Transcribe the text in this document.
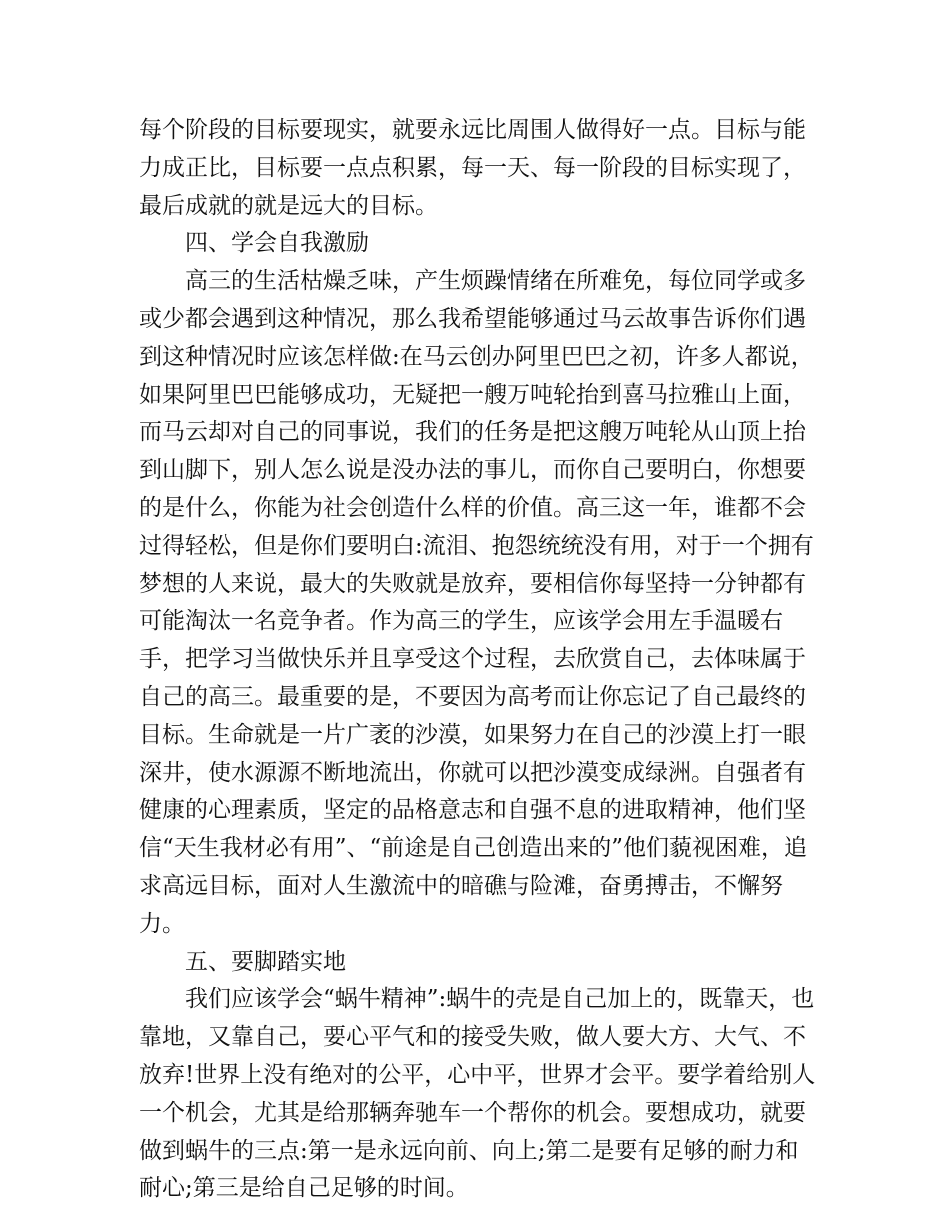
每个阶段的目标要现实，就要永远比周围人做得好一点。目标与能力成正比，目标要一点点积累，每一天、每一阶段的目标实现了，最后成就的就是远大的目标。

四、学会自我激励

高三的生活枯燥乏味，产生烦躁情绪在所难免，每位同学或多或少都会遇到这种情况，那么我希望能够通过马云故事告诉你们遇到这种情况时应该怎样做:在马云创办阿里巴巴之初，许多人都说，如果阿里巴巴能够成功，无疑把一艘万吨轮抬到喜马拉雅山上面，而马云却对自己的同事说，我们的任务是把这艘万吨轮从山顶上抬到山脚下，别人怎么说是没办法的事儿，而你自己要明白，你想要的是什么，你能为社会创造什么样的价值。高三这一年，谁都不会过得轻松，但是你们要明白:流泪、抱怨统统没有用，对于一个拥有梦想的人来说，最大的失败就是放弃，要相信你每坚持一分钟都有可能淘汰一名竞争者。作为高三的学生，应该学会用左手温暖右手，把学习当做快乐并且享受这个过程，去欣赏自己，去体味属于自己的高三。最重要的是，不要因为高考而让你忘记了自己最终的目标。生命就是一片广袤的沙漠，如果努力在自己的沙漠上打一眼深井，使水源源不断地流出，你就可以把沙漠变成绿洲。自强者有健康的心理素质，坚定的品格意志和自强不息的进取精神，他们坚信“天生我材必有用”、“前途是自己创造出来的”他们藐视困难，追求高远目标，面对人生激流中的暗礁与险滩，奋勇搏击，不懈努力。

五、要脚踏实地

我们应该学会“蜗牛精神”:蜗牛的壳是自己加上的，既靠天，也靠地，又靠自己，要心平气和的接受失败，做人要大方、大气、不放弃!世界上没有绝对的公平，心中平，世界才会平。要学着给别人一个机会，尤其是给那辆奔驰车一个帮你的机会。要想成功，就要做到蜗牛的三点:第一是永远向前、向上;第二是要有足够的耐力和耐心;第三是给自己足够的时间。
